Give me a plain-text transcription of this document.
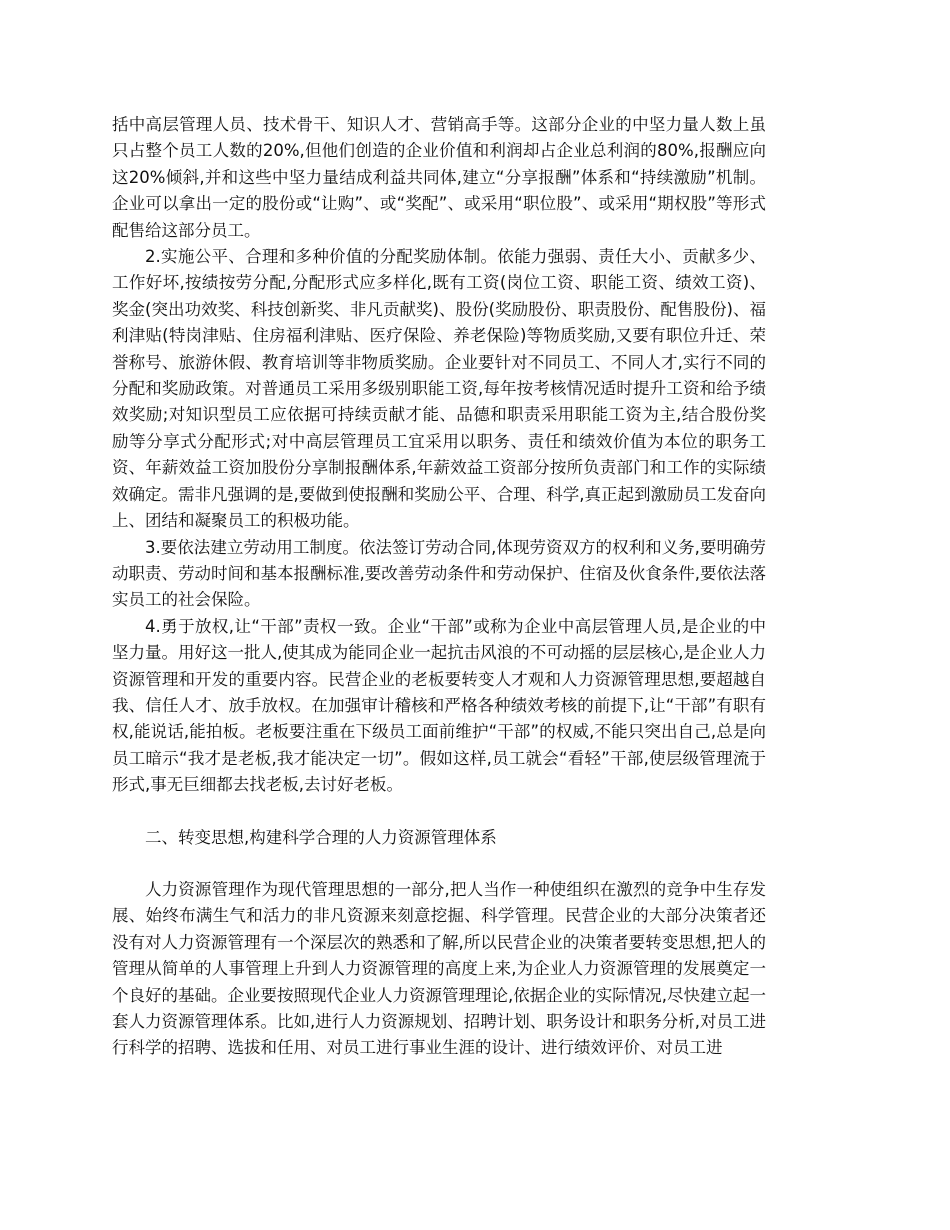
括中高层管理人员、技术骨干、知识人才、营销高手等。这部分企业的中坚力量人数上虽只占整个员工人数的20%,但他们创造的企业价值和利润却占企业总利润的80%,报酬应向这20%倾斜,并和这些中坚力量结成利益共同体,建立“分享报酬”体系和“持续激励”机制。企业可以拿出一定的股份或“让购”、或“奖配”、或采用“职位股”、或采用“期权股”等形式配售给这部分员工。

2.实施公平、合理和多种价值的分配奖励体制。依能力强弱、责任大小、贡献多少、工作好坏,按绩按劳分配,分配形式应多样化,既有工资(岗位工资、职能工资、绩效工资)、奖金(突出功效奖、科技创新奖、非凡贡献奖)、股份(奖励股份、职责股份、配售股份)、福利津贴(特岗津贴、住房福利津贴、医疗保险、养老保险)等物质奖励,又要有职位升迁、荣誉称号、旅游休假、教育培训等非物质奖励。企业要针对不同员工、不同人才,实行不同的分配和奖励政策。对普通员工采用多级别职能工资,每年按考核情况适时提升工资和给予绩效奖励;对知识型员工应依据可持续贡献才能、品德和职责采用职能工资为主,结合股份奖励等分享式分配形式;对中高层管理员工宜采用以职务、责任和绩效价值为本位的职务工资、年薪效益工资加股份分享制报酬体系,年薪效益工资部分按所负责部门和工作的实际绩效确定。需非凡强调的是,要做到使报酬和奖励公平、合理、科学,真正起到激励员工发奋向上、团结和凝聚员工的积极功能。

3.要依法建立劳动用工制度。依法签订劳动合同,体现劳资双方的权利和义务,要明确劳动职责、劳动时间和基本报酬标准,要改善劳动条件和劳动保护、住宿及伙食条件,要依法落实员工的社会保险。

4.勇于放权,让“干部”责权一致。企业“干部”或称为企业中高层管理人员,是企业的中坚力量。用好这一批人,使其成为能同企业一起抗击风浪的不可动摇的层层核心,是企业人力资源管理和开发的重要内容。民营企业的老板要转变人才观和人力资源管理思想,要超越自我、信任人才、放手放权。在加强审计稽核和严格各种绩效考核的前提下,让“干部”有职有权,能说话,能拍板。老板要注重在下级员工面前维护“干部”的权威,不能只突出自己,总是向员工暗示“我才是老板,我才能决定一切”。假如这样,员工就会“看轻”干部,使层级管理流于形式,事无巨细都去找老板,去讨好老板。

二、转变思想,构建科学合理的人力资源管理体系

人力资源管理作为现代管理思想的一部分,把人当作一种使组织在激烈的竞争中生存发展、始终布满生气和活力的非凡资源来刻意挖掘、科学管理。民营企业的大部分决策者还没有对人力资源管理有一个深层次的熟悉和了解,所以民营企业的决策者要转变思想,把人的管理从简单的人事管理上升到人力资源管理的高度上来,为企业人力资源管理的发展奠定一个良好的基础。企业要按照现代企业人力资源管理理论,依据企业的实际情况,尽快建立起一套人力资源管理体系。比如,进行人力资源规划、招聘计划、职务设计和职务分析,对员工进行科学的招聘、选拔和任用、对员工进行事业生涯的设计、进行绩效评价、对员工进
